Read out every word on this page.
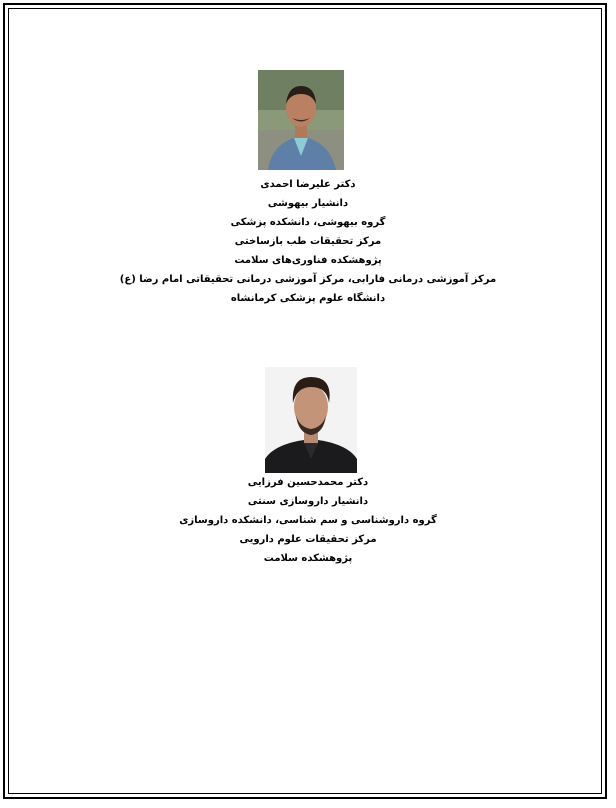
دکتر علیرضا احمدی
دانشیار بیهوشی
گروه بیهوشی، دانشکده پزشکی
مرکز تحقیقات طب بازساختی
پژوهشکده فناوری‌های سلامت
مرکز آموزشی درمانی فارابی، مرکز آموزشی درمانی تحقیقاتی امام رضا (ع)
دانشگاه علوم پزشکی کرمانشاه
دکتر محمدحسین فرزایی
دانشیار داروسازی سنتی
گروه داروشناسی و سم شناسی، دانشکده داروسازی
مرکز تحقیقات علوم دارویی
پژوهشکده سلامت
